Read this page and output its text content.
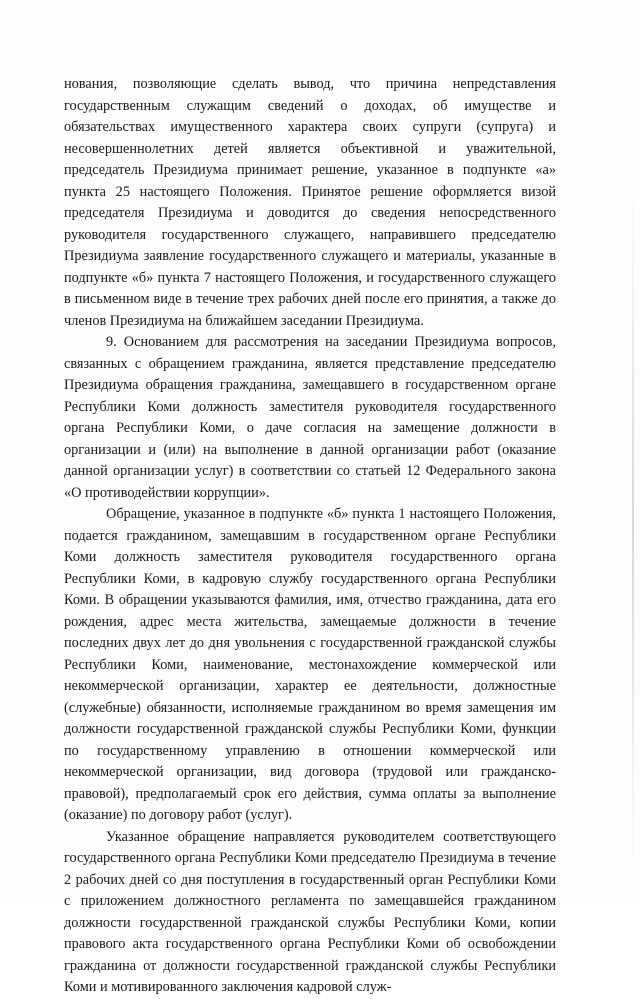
нования, позволяющие сделать вывод, что причина непредставления государственным служащим сведений о доходах, об имуществе и обязательствах имущественного характера своих супруги (супруга) и несовершеннолетних детей является объективной и уважительной, председатель Президиума принимает решение, указанное в подпункте «а» пункта 25 настоящего Положения. Принятое решение оформляется визой председателя Президиума и доводится до сведения непосредственного руководителя государственного служащего, направившего председателю Президиума заявление государственного служащего и материалы, указанные в подпункте «б» пункта 7 настоящего Положения, и государственного служащего в письменном виде в течение трех рабочих дней после его принятия, а также до членов Президиума на ближайшем заседании Президиума.

9. Основанием для рассмотрения на заседании Президиума вопросов, связанных с обращением гражданина, является представление председателю Президиума обращения гражданина, замещавшего в государственном органе Республики Коми должность заместителя руководителя государственного органа Республики Коми, о даче согласия на замещение должности в организации и (или) на выполнение в данной организации работ (оказание данной организации услуг) в соответствии со статьей 12 Федерального закона «О противодействии коррупции».

Обращение, указанное в подпункте «б» пункта 1 настоящего Положения, подается гражданином, замещавшим в государственном органе Республики Коми должность заместителя руководителя государственного органа Республики Коми, в кадровую службу государственного органа Республики Коми. В обращении указываются фамилия, имя, отчество гражданина, дата его рождения, адрес места жительства, замещаемые должности в течение последних двух лет до дня увольнения с государственной гражданской службы Республики Коми, наименование, местонахождение коммерческой или некоммерческой организации, характер ее деятельности, должностные (служебные) обязанности, исполняемые гражданином во время замещения им должности государственной гражданской службы Республики Коми, функции по государственному управлению в отношении коммерческой или некоммерческой организации, вид договора (трудовой или гражданско-правовой), предполагаемый срок его действия, сумма оплаты за выполнение (оказание) по договору работ (услуг).

Указанное обращение направляется руководителем соответствующего государственного органа Республики Коми председателю Президиума в течение 2 рабочих дней со дня поступления в государственный орган Республики Коми с приложением должностного регламента по замещавшейся гражданином должности государственной гражданской службы Республики Коми, копии правового акта государственного органа Республики Коми об освобождении гражданина от должности государственной гражданской службы Республики Коми и мотивированного заключения кадровой служ-
